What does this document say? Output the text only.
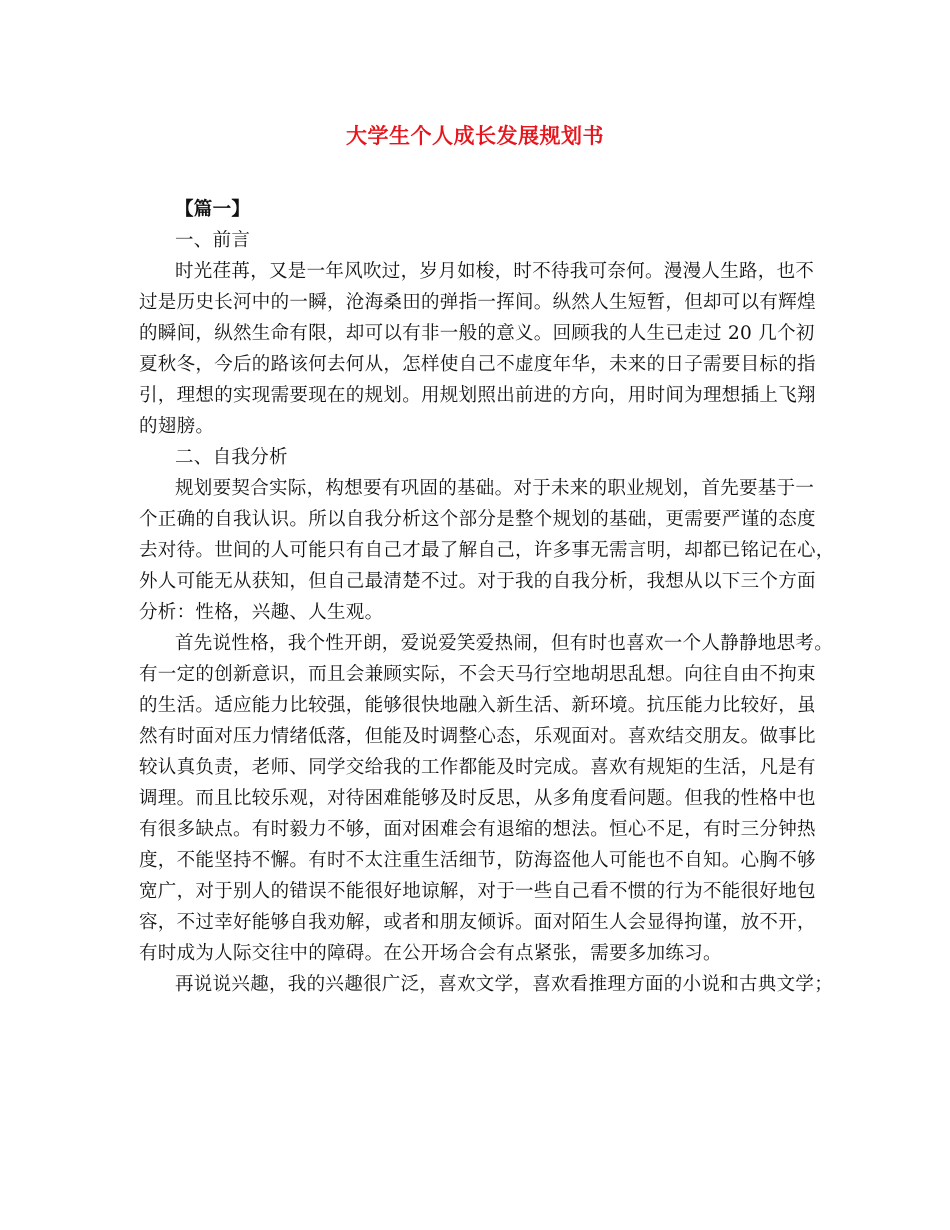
大学生个人成长发展规划书
【篇一】
一、前言
时光荏苒，又是一年风吹过，岁月如梭，时不待我可奈何。漫漫人生路，也不
过是历史长河中的一瞬，沧海桑田的弹指一挥间。纵然人生短暂，但却可以有辉煌
的瞬间，纵然生命有限，却可以有非一般的意义。回顾我的人生已走过 20 几个初
夏秋冬，今后的路该何去何从，怎样使自己不虚度年华，未来的日子需要目标的指
引，理想的实现需要现在的规划。用规划照出前进的方向，用时间为理想插上飞翔
的翅膀。
二、自我分析
规划要契合实际，构想要有巩固的基础。对于未来的职业规划，首先要基于一
个正确的自我认识。所以自我分析这个部分是整个规划的基础，更需要严谨的态度
去对待。世间的人可能只有自己才最了解自己，许多事无需言明，却都已铭记在心，
外人可能无从获知，但自己最清楚不过。对于我的自我分析，我想从以下三个方面
分析：性格，兴趣、人生观。
首先说性格，我个性开朗，爱说爱笑爱热闹，但有时也喜欢一个人静静地思考。
有一定的创新意识，而且会兼顾实际，不会天马行空地胡思乱想。向往自由不拘束
的生活。适应能力比较强，能够很快地融入新生活、新环境。抗压能力比较好，虽
然有时面对压力情绪低落，但能及时调整心态，乐观面对。喜欢结交朋友。做事比
较认真负责，老师、同学交给我的工作都能及时完成。喜欢有规矩的生活，凡是有
调理。而且比较乐观，对待困难能够及时反思，从多角度看问题。但我的性格中也
有很多缺点。有时毅力不够，面对困难会有退缩的想法。恒心不足，有时三分钟热
度，不能坚持不懈。有时不太注重生活细节，防海盗他人可能也不自知。心胸不够
宽广，对于别人的错误不能很好地谅解，对于一些自己看不惯的行为不能很好地包
容，不过幸好能够自我劝解，或者和朋友倾诉。面对陌生人会显得拘谨，放不开，
有时成为人际交往中的障碍。在公开场合会有点紧张，需要多加练习。
再说说兴趣，我的兴趣很广泛，喜欢文学，喜欢看推理方面的小说和古典文学；
